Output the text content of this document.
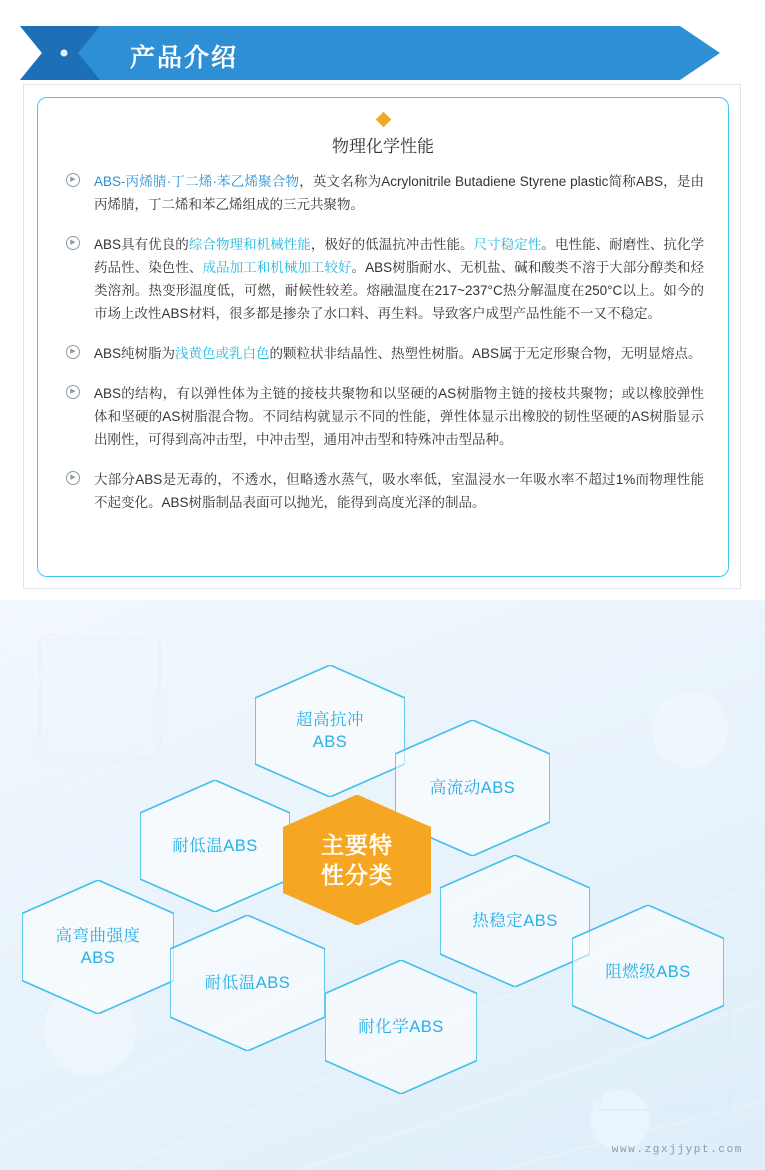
产品介绍
物理化学性能
▶
ABS-丙烯腈·丁二烯·苯乙烯聚合物，英文名称为Acrylonitrile Butadiene Styrene plastic简称ABS，是由丙烯腈，丁二烯和苯乙烯组成的三元共聚物。
▶
ABS具有优良的综合物理和机械性能，极好的低温抗冲击性能。尺寸稳定性。电性能、耐磨性、抗化学药品性、染色性、成品加工和机械加工较好。ABS树脂耐水、无机盐、碱和酸类不溶于大部分醇类和烃类溶剂。热变形温度低，可燃，耐候性较差。熔融温度在217~237°C热分解温度在250°C以上。如今的市场上改性ABS材料，很多都是掺杂了水口料、再生料。导致客户成型产品性能不一又不稳定。
▶
ABS纯树脂为浅黄色或乳白色的颗粒状非结晶性、热塑性树脂。ABS属于无定形聚合物，无明显熔点。
▶
ABS的结构，有以弹性体为主链的接枝共聚物和以坚硬的AS树脂物主链的接枝共聚物；或以橡胶弹性体和坚硬的AS树脂混合物。不同结构就显示不同的性能，弹性体显示出橡胶的韧性坚硬的AS树脂显示出刚性，可得到高冲击型，中冲击型，通用冲击型和特殊冲击型品种。
▶
大部分ABS是无毒的，不透水，但略透水蒸气，吸水率低，室温浸水一年吸水率不超过1%而物理性能不起变化。ABS树脂制品表面可以抛光，能得到高度光泽的制品。
超高抗冲
ABS
高流动ABS
耐低温ABS
高弯曲强度
ABS
耐低温ABS
耐化学ABS
热稳定ABS
阻燃级ABS
主要特
性分类
www.zgxjjypt.com
